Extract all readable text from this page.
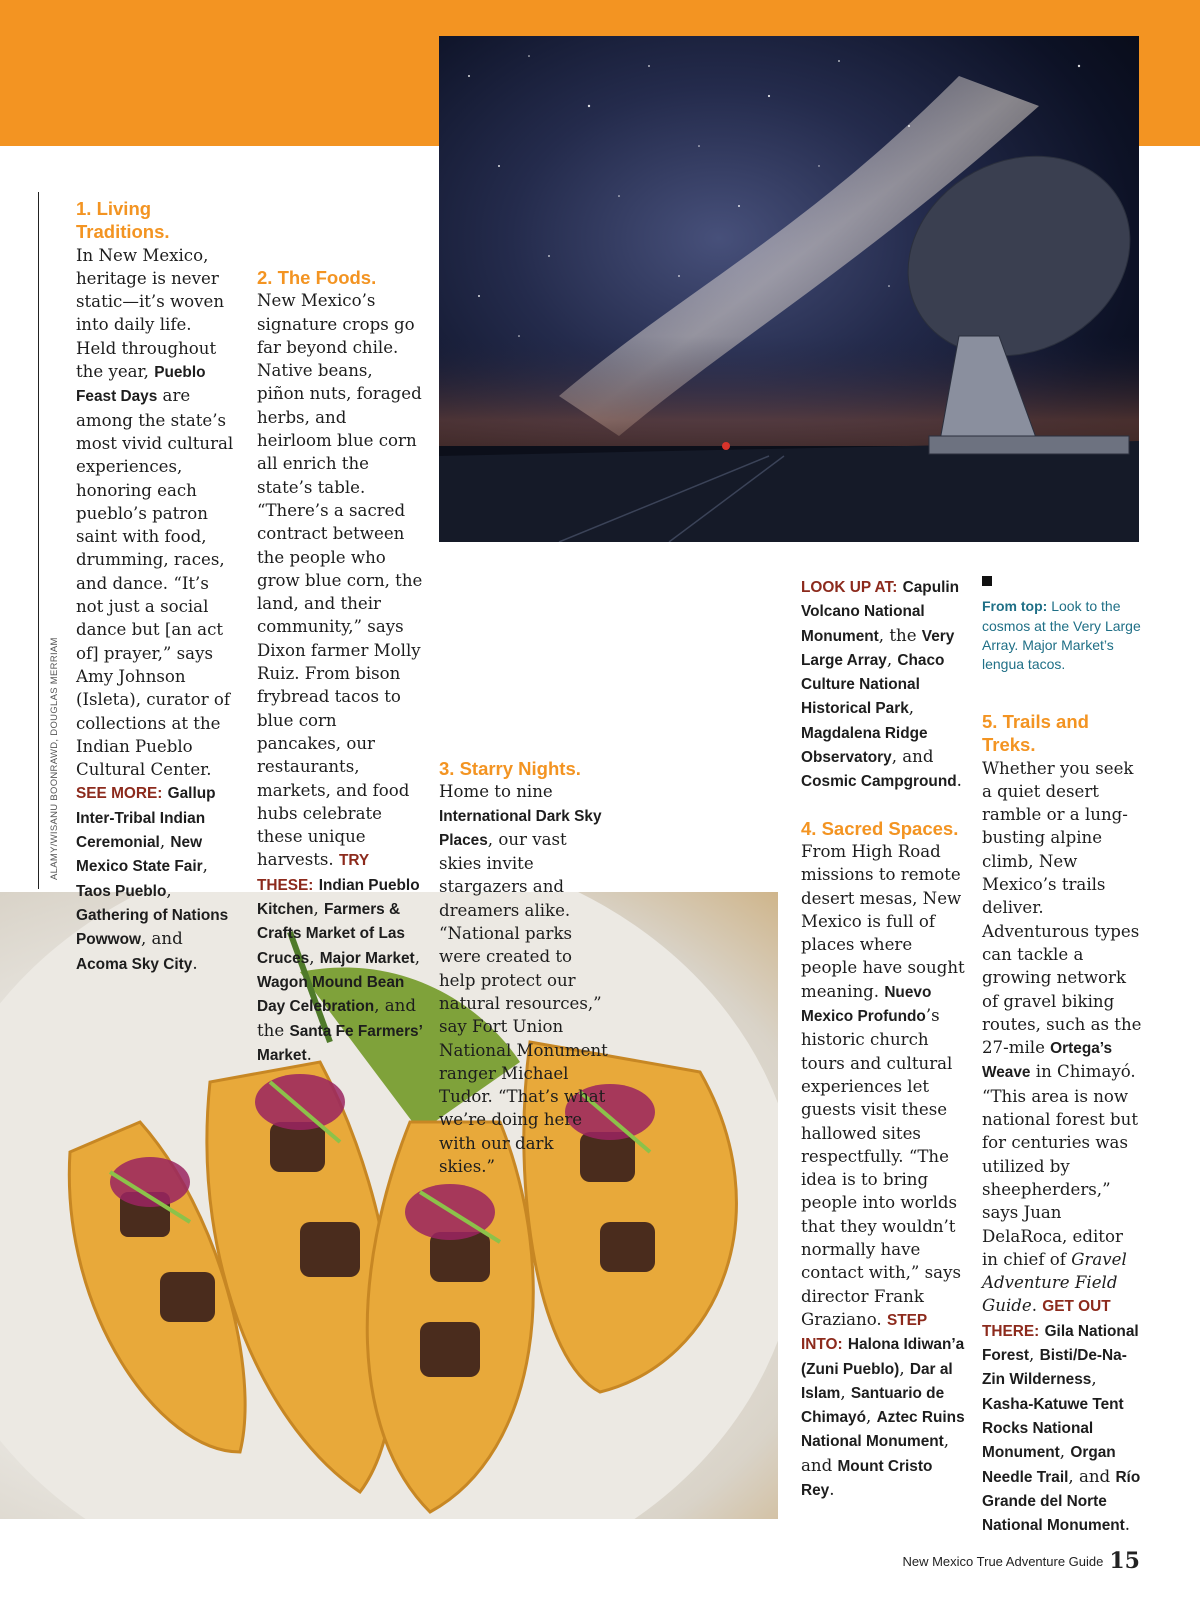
ALAMY/WISANU BOONRAWD, DOUGLAS MERRIAM

1. Living Traditions.

In New Mexico, heritage is never static—it’s woven into daily life. Held throughout the year, Pueblo Feast Days are among the state’s most vivid cultural experiences, honoring each pueblo’s patron saint with food, drumming, races, and dance. “It’s not just a social dance but [an act of] prayer,” says Amy Johnson (Isleta), curator of collections at the Indian Pueblo Cultural Center. SEE MORE: Gallup Inter-Tribal Indian Ceremonial, New Mexico State Fair, Taos Pueblo, Gathering of Nations Powwow, and Acoma Sky City.

2. The Foods.

New Mexico’s signature crops go far beyond chile. Native beans, piñon nuts, foraged herbs, and heirloom blue corn all enrich the state’s table. “There’s a sacred contract between the people who grow blue corn, the land, and their community,” says Dixon farmer Molly Ruiz. From bison frybread tacos to blue corn pancakes, our restaurants, markets, and food hubs celebrate these unique harvests. TRY THESE: Indian Pueblo Kitchen, Farmers & Crafts Market of Las Cruces, Major Market, Wagon Mound Bean Day Celebration, and the Santa Fe Farmers’ Market.

3. Starry Nights.

Home to nine International Dark Sky Places, our vast skies invite stargazers and dreamers alike. “National parks were created to help protect our natural resources,” say Fort Union National Monument ranger Michael Tudor. “That’s what we’re doing here with our dark skies.”

LOOK UP AT: Capulin Volcano National Monument, the Very Large Array, Chaco Culture National Historical Park, Magdalena Ridge Observatory, and Cosmic Campground.

4. Sacred Spaces.

From High Road missions to remote desert mesas, New Mexico is full of places where people have sought meaning. Nuevo Mexico Profundo’s historic church tours and cultural experiences let guests visit these hallowed sites respectfully. “The idea is to bring people into worlds that they wouldn’t normally have contact with,” says director Frank Graziano. STEP INTO: Halona Idiwan’a (Zuni Pueblo), Dar al Islam, Santuario de Chimayó, Aztec Ruins National Monument, and Mount Cristo Rey.

From top: Look to the cosmos at the Very Large Array. Major Market’s lengua tacos.

5. Trails and Treks.

Whether you seek a quiet desert ramble or a lung-busting alpine climb, New Mexico’s trails deliver. Adventurous types can tackle a growing network of gravel biking routes, such as the 27-mile Ortega’s Weave in Chimayó. “This area is now national forest but for centuries was utilized by sheepherders,” says Juan DelaRoca, editor in chief of Gravel Adventure Field Guide. GET OUT THERE: Gila National Forest, Bisti/De-Na-Zin Wilderness, Kasha-Katuwe Tent Rocks National Monument, Organ Needle Trail, and Río Grande del Norte National Monument.

New Mexico True Adventure Guide 15
